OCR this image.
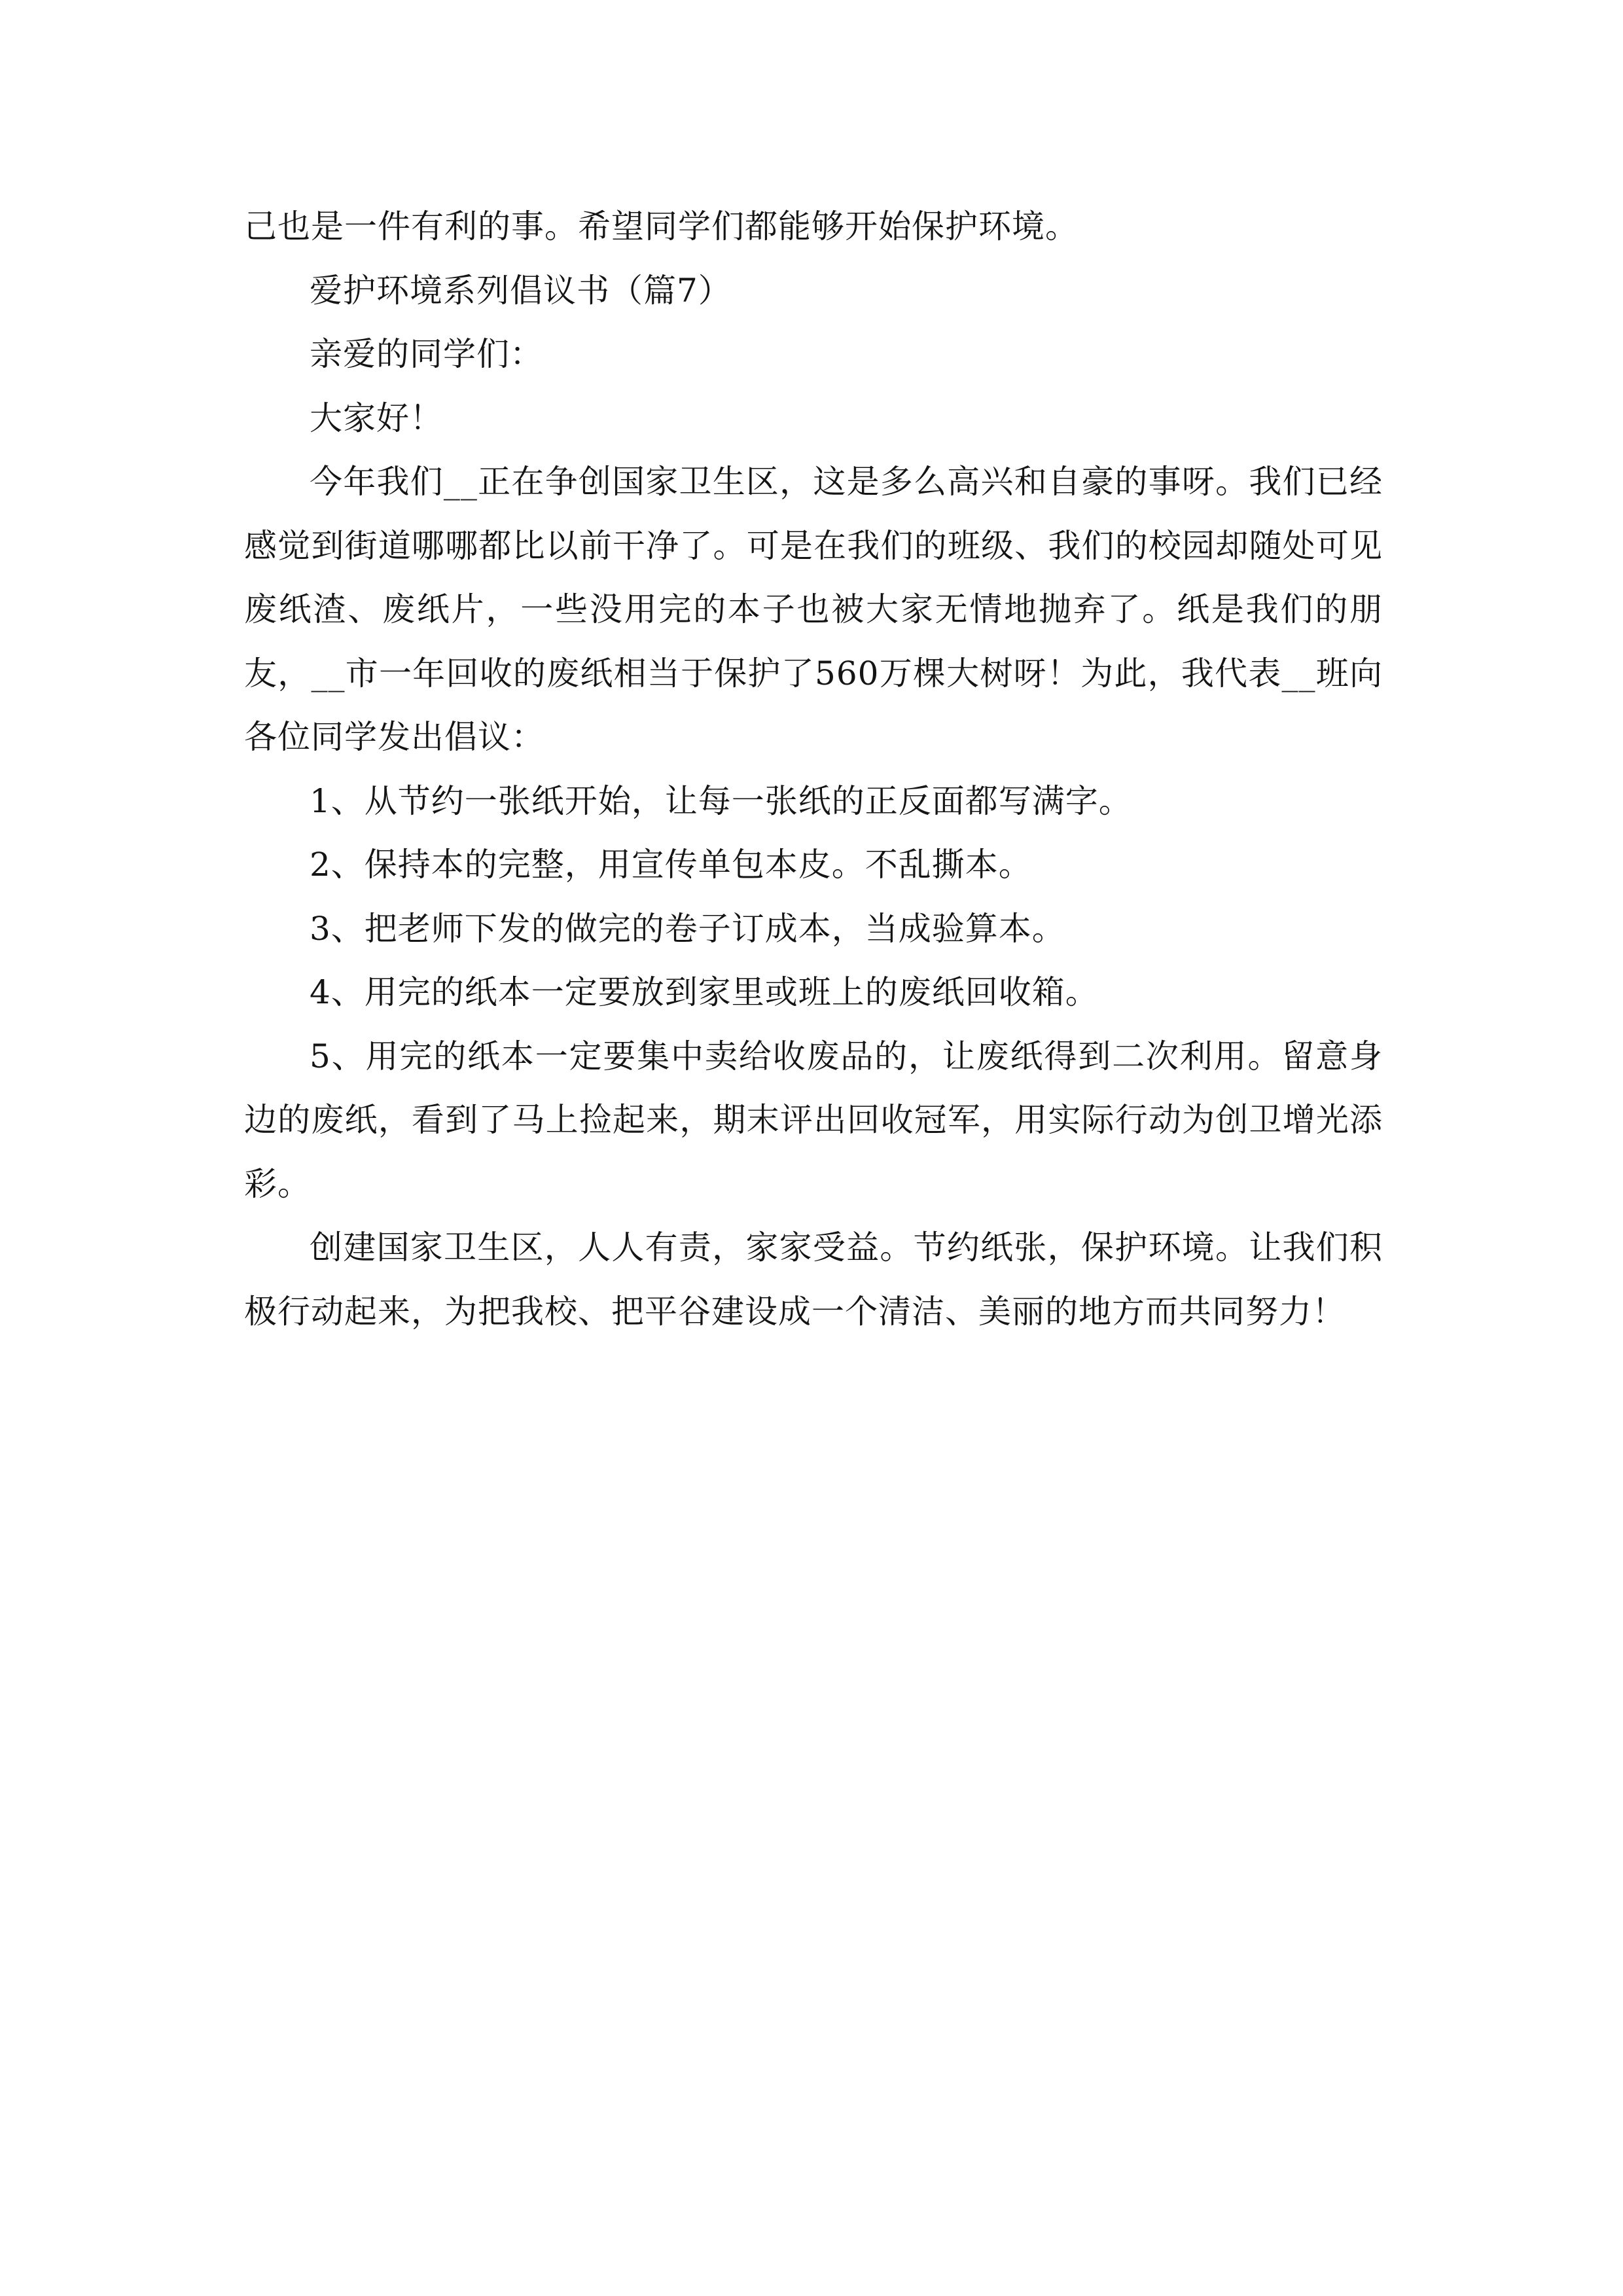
己也是一件有利的事。希望同学们都能够开始保护环境。

爱护环境系列倡议书（篇7）

亲爱的同学们：

大家好！

今年我们__正在争创国家卫生区，这是多么高兴和自豪的事呀。我们已经感觉到街道哪哪都比以前干净了。可是在我们的班级、我们的校园却随处可见废纸渣、废纸片，一些没用完的本子也被大家无情地抛弃了。纸是我们的朋友，__市一年回收的废纸相当于保护了560万棵大树呀！为此，我代表__班向各位同学发出倡议：

1、从节约一张纸开始，让每一张纸的正反面都写满字。

2、保持本的完整，用宣传单包本皮。不乱撕本。

3、把老师下发的做完的卷子订成本，当成验算本。

4、用完的纸本一定要放到家里或班上的废纸回收箱。

5、用完的纸本一定要集中卖给收废品的，让废纸得到二次利用。留意身边的废纸，看到了马上捡起来，期末评出回收冠军，用实际行动为创卫增光添彩。

创建国家卫生区，人人有责，家家受益。节约纸张，保护环境。让我们积极行动起来，为把我校、把平谷建设成一个清洁、美丽的地方而共同努力！
